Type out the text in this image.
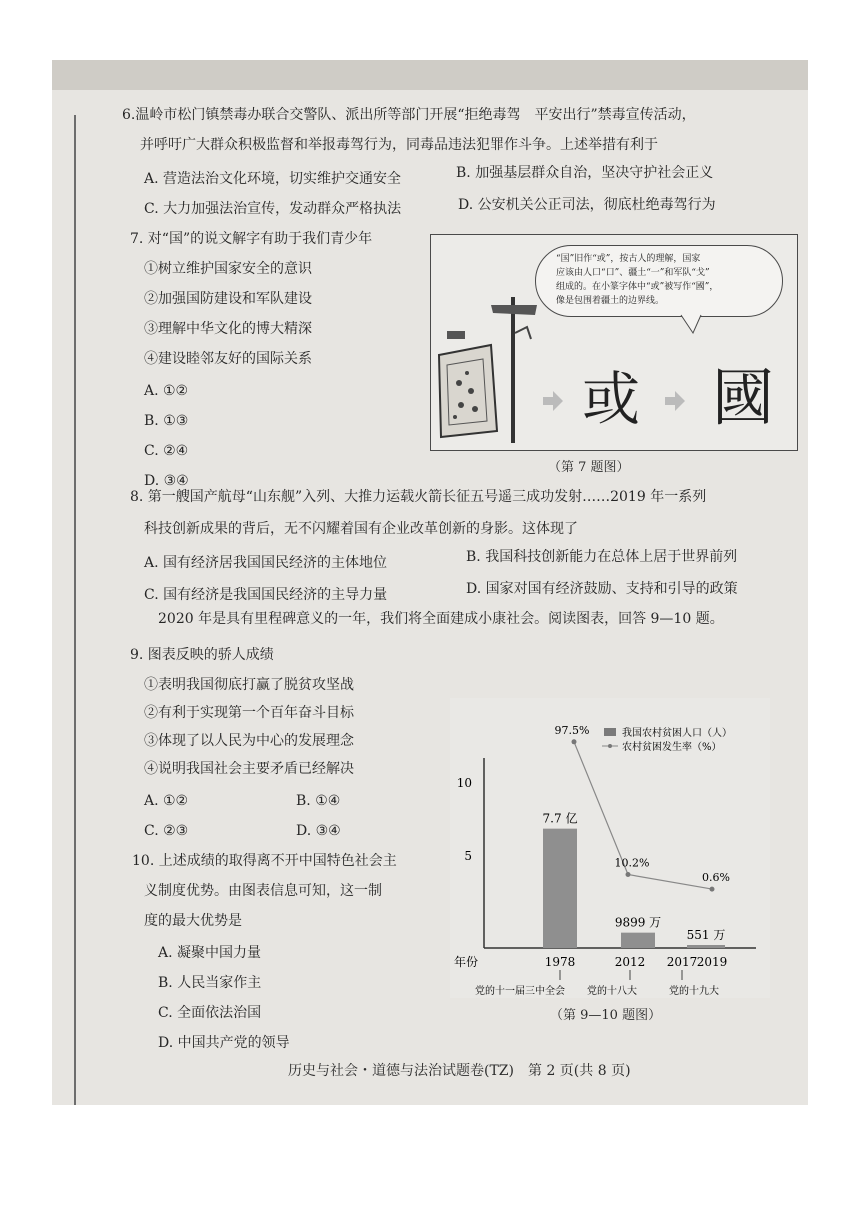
6.温岭市松门镇禁毒办联合交警队、派出所等部门开展“拒绝毒驾　平安出行”禁毒宣传活动，
并呼吁广大群众积极监督和举报毒驾行为，同毒品违法犯罪作斗争。上述举措有利于
A. 营造法治文化环境，切实维护交通安全	B. 加强基层群众自治，坚决守护社会正义
C. 大力加强法治宣传，发动群众严格执法	D. 公安机关公正司法，彻底杜绝毒驾行为
7. 对“国”的说文解字有助于我们青少年
①树立维护国家安全的意识
②加强国防建设和军队建设
③理解中华文化的博大精深
④建设睦邻友好的国际关系
A. ①②
B. ①③
C. ②④
D. ③④
“国”旧作“或”，按古人的理解，国家
应该由人口“口”、疆土“一”和军队“戈”
组成的。在小篆字体中“或”被写作“國”，
像是包围着疆土的边界线。
或 國
（第 7 题图）
8. 第一艘国产航母“山东舰”入列、大推力运载火箭长征五号遥三成功发射……2019 年一系列
科技创新成果的背后，无不闪耀着国有企业改革创新的身影。这体现了
A. 国有经济居我国国民经济的主体地位	B. 我国科技创新能力在总体上居于世界前列
C. 国有经济是我国国民经济的主导力量	D. 国家对国有经济鼓励、支持和引导的政策
2020 年是具有里程碑意义的一年，我们将全面建成小康社会。阅读图表，回答 9—10 题。
9. 图表反映的骄人成绩
①表明我国彻底打赢了脱贫攻坚战
②有利于实现第一个百年奋斗目标
③体现了以人民为中心的发展理念
④说明我国社会主要矛盾已经解决
A. ①②	B. ①④
C. ②③	D. ③④
10. 上述成绩的取得离不开中国特色社会主
义制度优势。由图表信息可知，这一制
度的最大优势是
A. 凝聚中国力量
B. 人民当家作主
C. 全面依法治国
D. 中国共产党的领导
10
5
7.7 亿
9899 万
551 万
97.5%
10.2%
0.6%
我国农村贫困人口（人）
农村贫困发生率（%）
年份	1978	2012 2017 2019
党的十一届三中全会 党的十八大	党的十九大
（第 9—10 题图）
历史与社会・道德与法治试题卷(TZ)　第 2 页(共 8 页)
